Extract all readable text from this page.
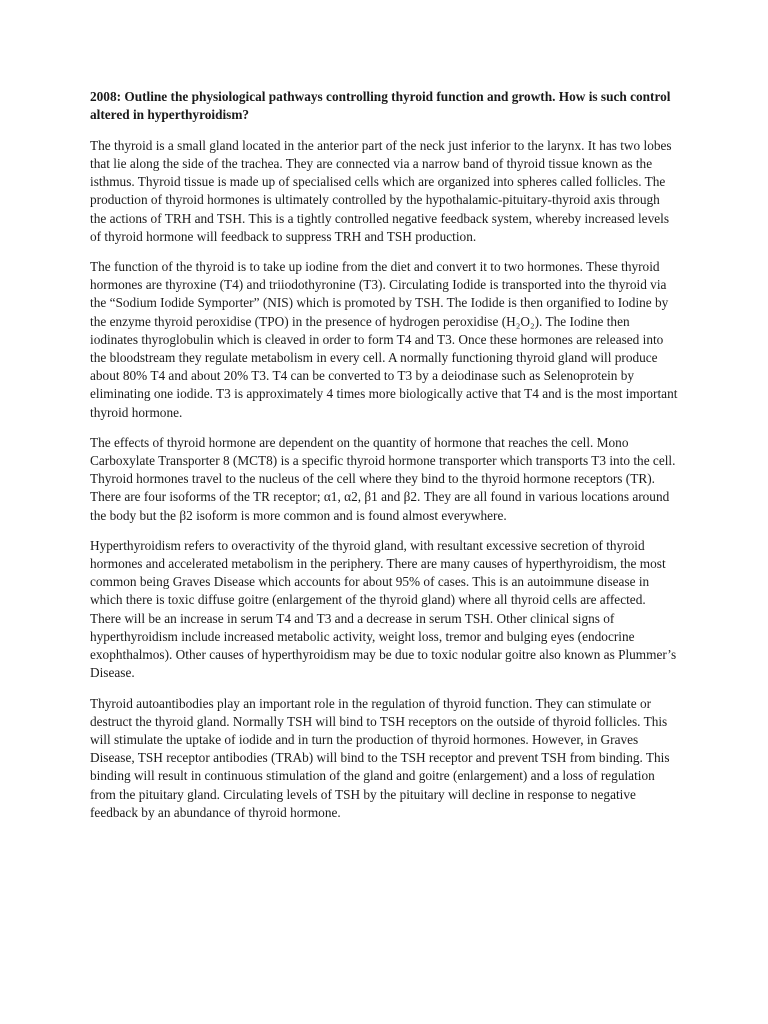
2008: Outline the physiological pathways controlling thyroid function and growth. How is such control altered in hyperthyroidism?

The thyroid is a small gland located in the anterior part of the neck just inferior to the larynx. It has two lobes that lie along the side of the trachea. They are connected via a narrow band of thyroid tissue known as the isthmus. Thyroid tissue is made up of specialised cells which are organized into spheres called follicles. The production of thyroid hormones is ultimately controlled by the hypothalamic-pituitary-thyroid axis through the actions of TRH and TSH. This is a tightly controlled negative feedback system, whereby increased levels of thyroid hormone will feedback to suppress TRH and TSH production.

The function of the thyroid is to take up iodine from the diet and convert it to two hormones. These thyroid hormones are thyroxine (T4) and triiodothyronine (T3). Circulating Iodide is transported into the thyroid via the “Sodium Iodide Symporter” (NIS) which is promoted by TSH. The Iodide is then organified to Iodine by the enzyme thyroid peroxidise (TPO) in the presence of hydrogen peroxidise (H₂O₂). The Iodine then iodinates thyroglobulin which is cleaved in order to form T4 and T3. Once these hormones are released into the bloodstream they regulate metabolism in every cell. A normally functioning thyroid gland will produce about 80% T4 and about 20% T3. T4 can be converted to T3 by a deiodinase such as Selenoprotein by eliminating one iodide. T3 is approximately 4 times more biologically active that T4 and is the most important thyroid hormone.

The effects of thyroid hormone are dependent on the quantity of hormone that reaches the cell. Mono Carboxylate Transporter 8 (MCT8) is a specific thyroid hormone transporter which transports T3 into the cell. Thyroid hormones travel to the nucleus of the cell where they bind to the thyroid hormone receptors (TR). There are four isoforms of the TR receptor; α1, α2, β1 and β2. They are all found in various locations around the body but the β2 isoform is more common and is found almost everywhere.

Hyperthyroidism refers to overactivity of the thyroid gland, with resultant excessive secretion of thyroid hormones and accelerated metabolism in the periphery. There are many causes of hyperthyroidism, the most common being Graves Disease which accounts for about 95% of cases. This is an autoimmune disease in which there is toxic diffuse goitre (enlargement of the thyroid gland) where all thyroid cells are affected. There will be an increase in serum T4 and T3 and a decrease in serum TSH. Other clinical signs of hyperthyroidism include increased metabolic activity, weight loss, tremor and bulging eyes (endocrine exophthalmos). Other causes of hyperthyroidism may be due to toxic nodular goitre also known as Plummer’s Disease.

Thyroid autoantibodies play an important role in the regulation of thyroid function. They can stimulate or destruct the thyroid gland. Normally TSH will bind to TSH receptors on the outside of thyroid follicles. This will stimulate the uptake of iodide and in turn the production of thyroid hormones. However, in Graves Disease, TSH receptor antibodies (TRAb) will bind to the TSH receptor and prevent TSH from binding. This binding will result in continuous stimulation of the gland and goitre (enlargement) and a loss of regulation from the pituitary gland. Circulating levels of TSH by the pituitary will decline in response to negative feedback by an abundance of thyroid hormone.
